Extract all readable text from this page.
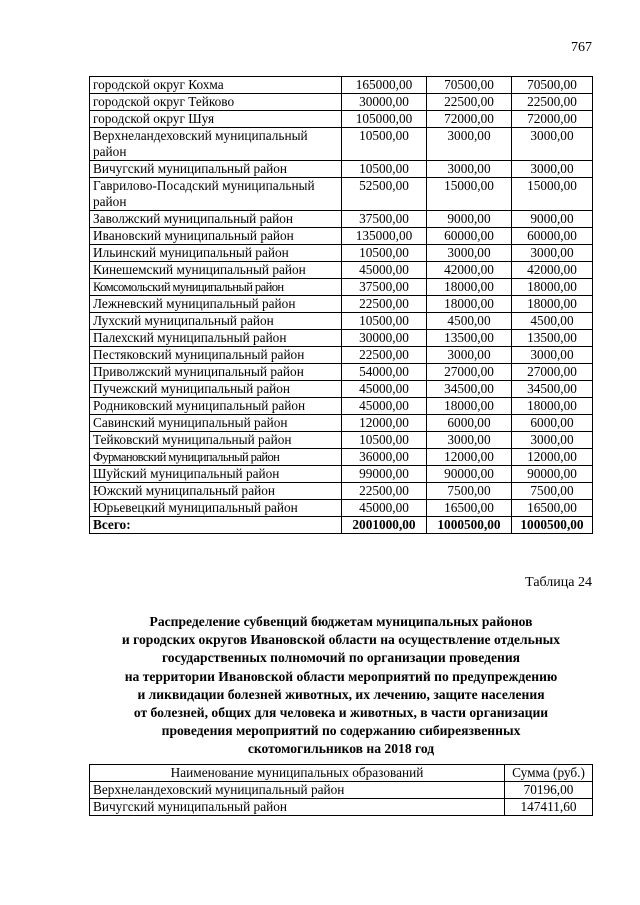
767
городской округ Кохма	165000,00	70500,00	70500,00
городской округ Тейково	30000,00	22500,00	22500,00
городской округ Шуя	105000,00	72000,00	72000,00
Верхнеландеховский муниципальный район	10500,00	3000,00	3000,00
Вичугский муниципальный район	10500,00	3000,00	3000,00
Гаврилово-Посадский муниципальный район	52500,00	15000,00	15000,00
Заволжский муниципальный район	37500,00	9000,00	9000,00
Ивановский муниципальный район	135000,00	60000,00	60000,00
Ильинский муниципальный район	10500,00	3000,00	3000,00
Кинешемский муниципальный район	45000,00	42000,00	42000,00
Комсомольский муниципальный район	37500,00	18000,00	18000,00
Лежневский муниципальный район	22500,00	18000,00	18000,00
Лухский муниципальный район	10500,00	4500,00	4500,00
Палехский муниципальный район	30000,00	13500,00	13500,00
Пестяковский муниципальный район	22500,00	3000,00	3000,00
Приволжский муниципальный район	54000,00	27000,00	27000,00
Пучежский муниципальный район	45000,00	34500,00	34500,00
Родниковский муниципальный район	45000,00	18000,00	18000,00
Савинский муниципальный район	12000,00	6000,00	6000,00
Тейковский муниципальный район	10500,00	3000,00	3000,00
Фурмановский муниципальный район	36000,00	12000,00	12000,00
Шуйский муниципальный район	99000,00	90000,00	90000,00
Южский муниципальный район	22500,00	7500,00	7500,00
Юрьевецкий муниципальный район	45000,00	16500,00	16500,00
Всего:	2001000,00	1000500,00	1000500,00
Таблица 24
Распределение субвенций бюджетам муниципальных районов
и городских округов Ивановской области на осуществление отдельных
государственных полномочий по организации проведения
на территории Ивановской области мероприятий по предупреждению
и ликвидации болезней животных, их лечению, защите населения
от болезней, общих для человека и животных, в части организации
проведения мероприятий по содержанию сибиреязвенных
скотомогильников на 2018 год
Наименование муниципальных образований	Сумма (руб.)
Верхнеландеховский муниципальный район	70196,00
Вичугский муниципальный район	147411,60
